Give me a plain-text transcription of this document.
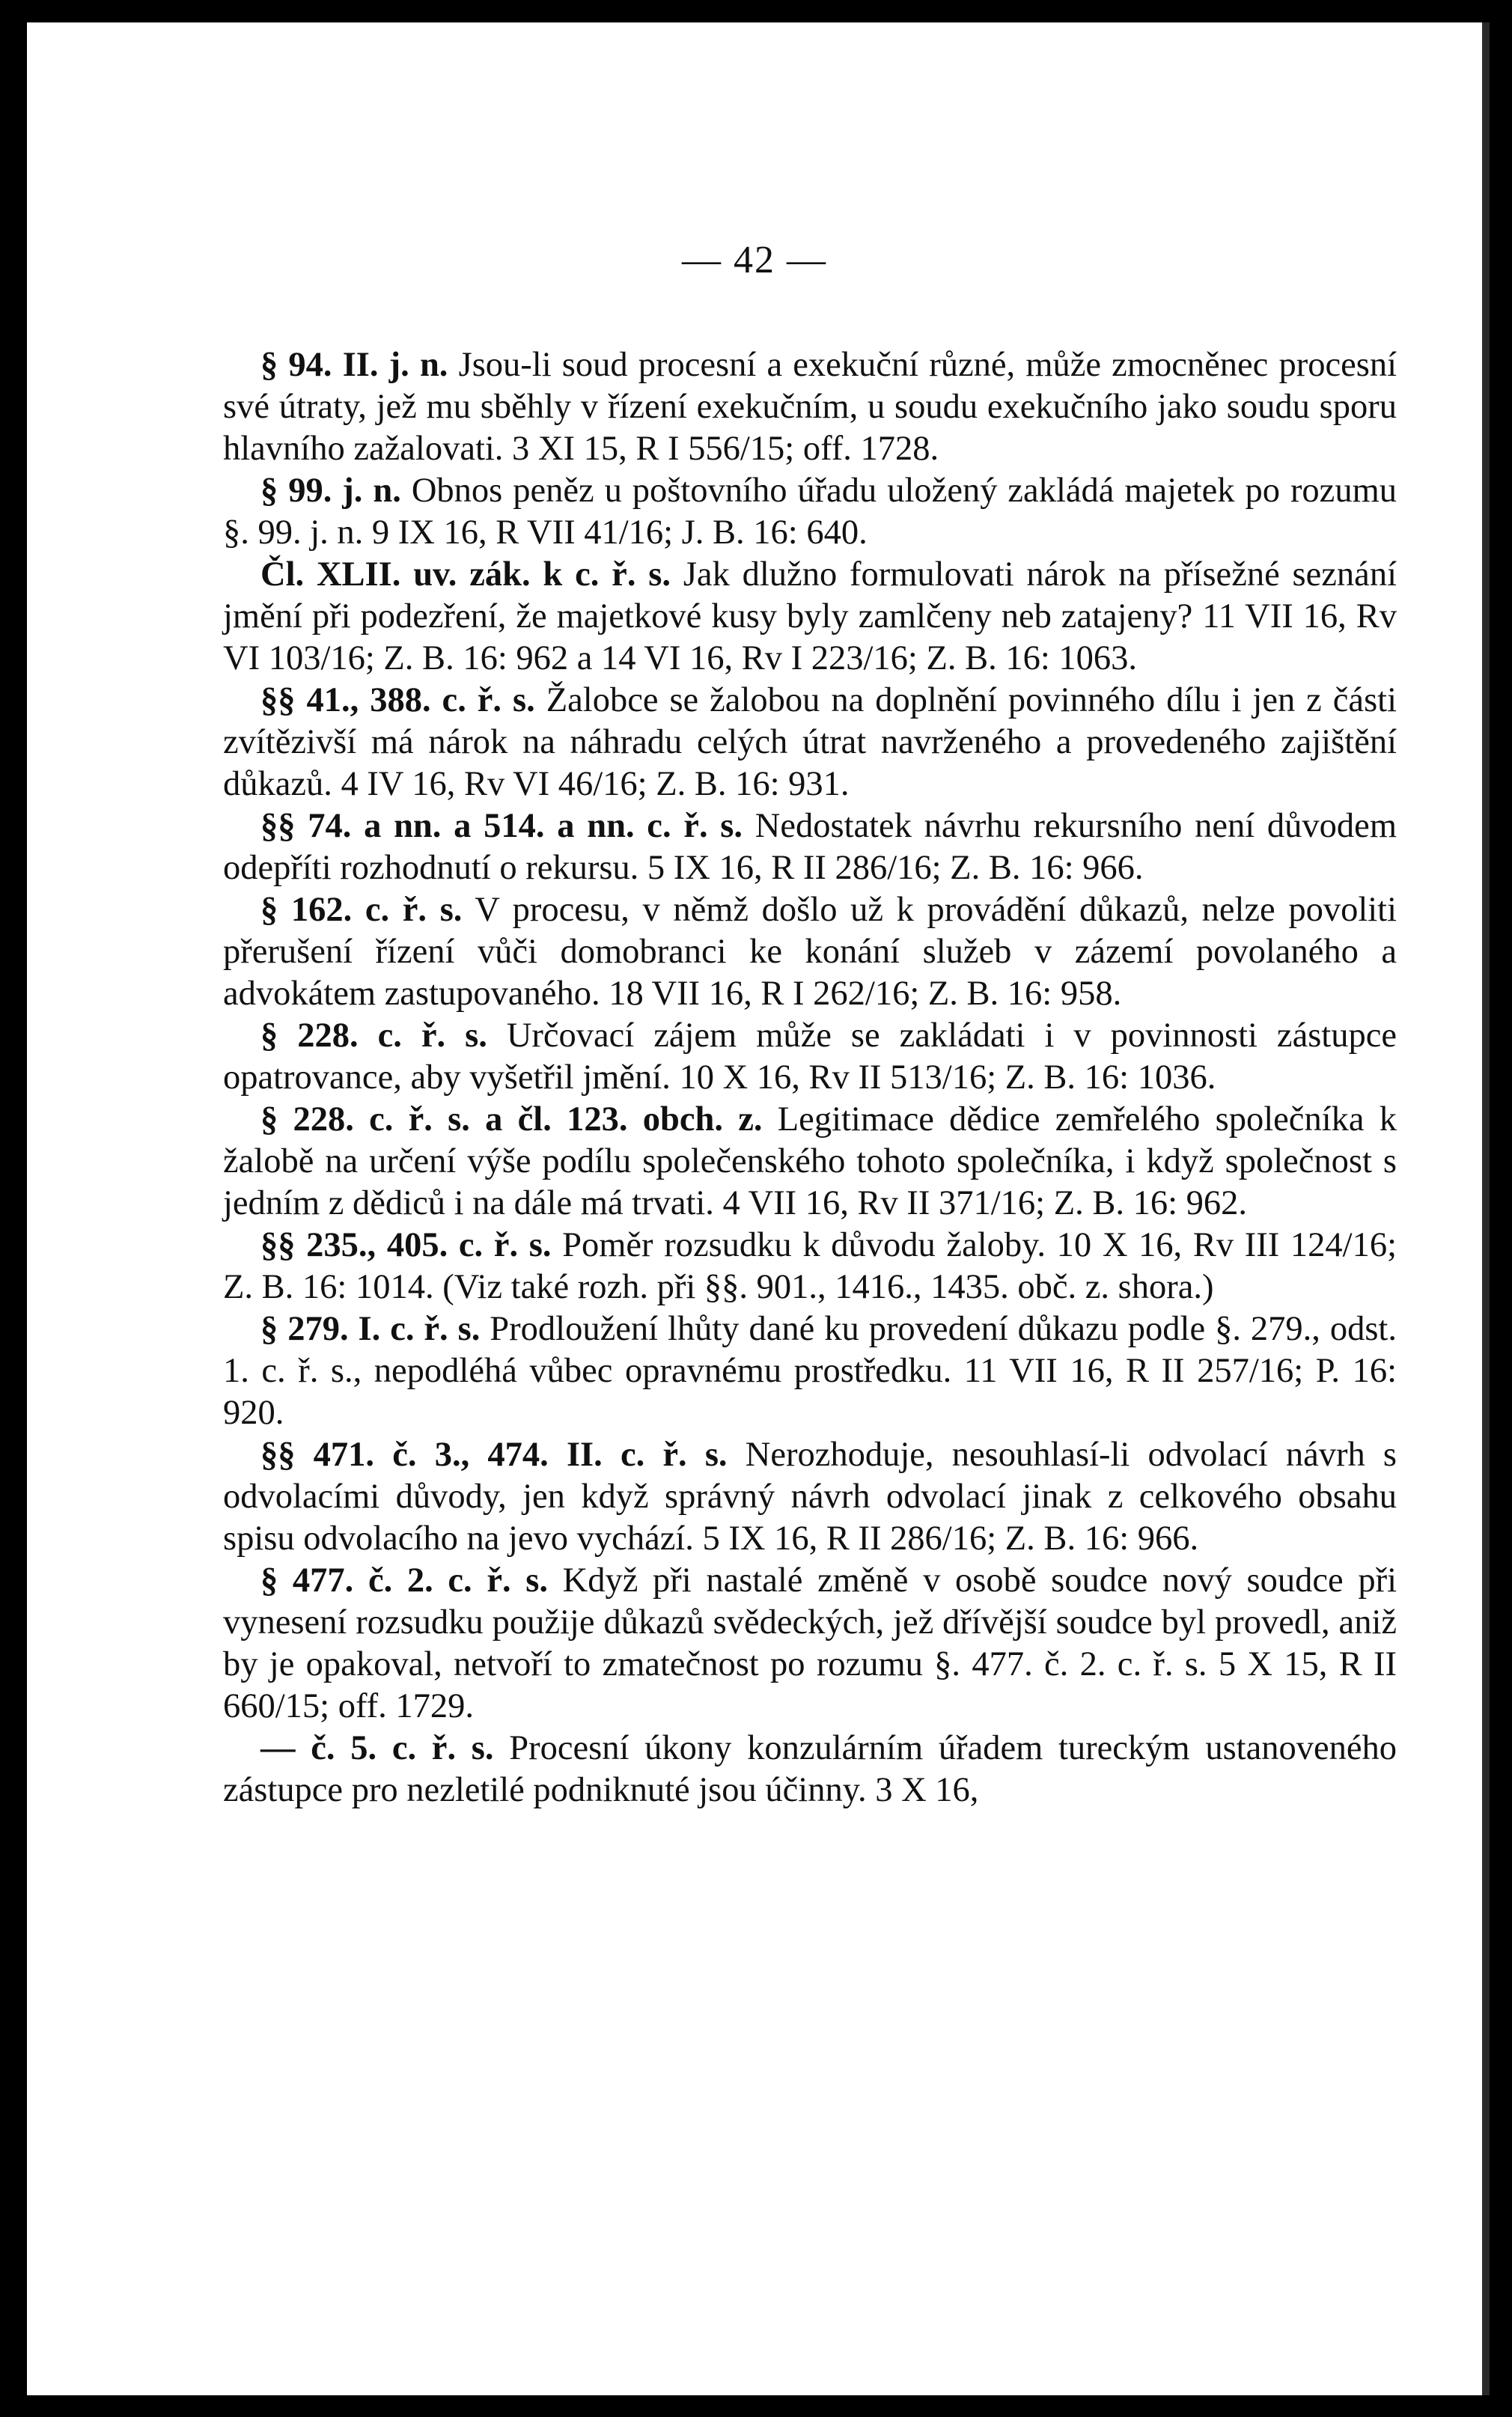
— 42 —

§ 94. II. j. n. Jsou-li soud procesní a exekuční různé, může zmocněnec procesní své útraty, jež mu sběhly v řízení exekučním, u soudu exekučního jako soudu sporu hlavního zažalovati. 3 XI 15, R I 556/15; off. 1728.

§ 99. j. n. Obnos peněz u poštovního úřadu uložený zakládá majetek po rozumu §. 99. j. n. 9 IX 16, R VII 41/16; J. B. 16: 640.

Čl. XLII. uv. zák. k c. ř. s. Jak dlužno formulovati nárok na přísežné seznání jmění při podezření, že majetkové kusy byly zamlčeny neb zatajeny? 11 VII 16, Rv VI 103/16; Z. B. 16: 962 a 14 VI 16, Rv I 223/16; Z. B. 16: 1063.

§§ 41., 388. c. ř. s. Žalobce se žalobou na doplnění povinného dílu i jen z části zvítězivší má nárok na náhradu celých útrat navrženého a provedeného zajištění důkazů. 4 IV 16, Rv VI 46/16; Z. B. 16: 931.

§§ 74. a nn. a 514. a nn. c. ř. s. Nedostatek návrhu rekursního není důvodem odepříti rozhodnutí o rekursu. 5 IX 16, R II 286/16; Z. B. 16: 966.

§ 162. c. ř. s. V procesu, v němž došlo už k provádění důkazů, nelze povoliti přerušení řízení vůči domobranci ke konání služeb v zázemí povolaného a advokátem zastupovaného. 18 VII 16, R I 262/16; Z. B. 16: 958.

§ 228. c. ř. s. Určovací zájem může se zakládati i v povinnosti zástupce opatrovance, aby vyšetřil jmění. 10 X 16, Rv II 513/16; Z. B. 16: 1036.

§ 228. c. ř. s. a čl. 123. obch. z. Legitimace dědice zemřelého společníka k žalobě na určení výše podílu společenského tohoto společníka, i když společnost s jedním z dědiců i na dále má trvati. 4 VII 16, Rv II 371/16; Z. B. 16: 962.

§§ 235., 405. c. ř. s. Poměr rozsudku k důvodu žaloby. 10 X 16, Rv III 124/16; Z. B. 16: 1014. (Viz také rozh. při §§. 901., 1416., 1435. obč. z. shora.)

§ 279. I. c. ř. s. Prodloužení lhůty dané ku provedení důkazu podle §. 279., odst. 1. c. ř. s., nepodléhá vůbec opravnému prostředku. 11 VII 16, R II 257/16; P. 16: 920.

§§ 471. č. 3., 474. II. c. ř. s. Nerozhoduje, nesouhlasí-li odvolací návrh s odvolacími důvody, jen když správný návrh odvolací jinak z celkového obsahu spisu odvolacího na jevo vychází. 5 IX 16, R II 286/16; Z. B. 16: 966.

§ 477. č. 2. c. ř. s. Když při nastalé změně v osobě soudce nový soudce při vynesení rozsudku použije důkazů svědeckých, jež dřívější soudce byl provedl, aniž by je opakoval, netvoří to zmatečnost po rozumu §. 477. č. 2. c. ř. s. 5 X 15, R II 660/15; off. 1729.

— č. 5. c. ř. s. Procesní úkony konzulárním úřadem tureckým ustanoveného zástupce pro nezletilé podniknuté jsou účinny. 3 X 16,
